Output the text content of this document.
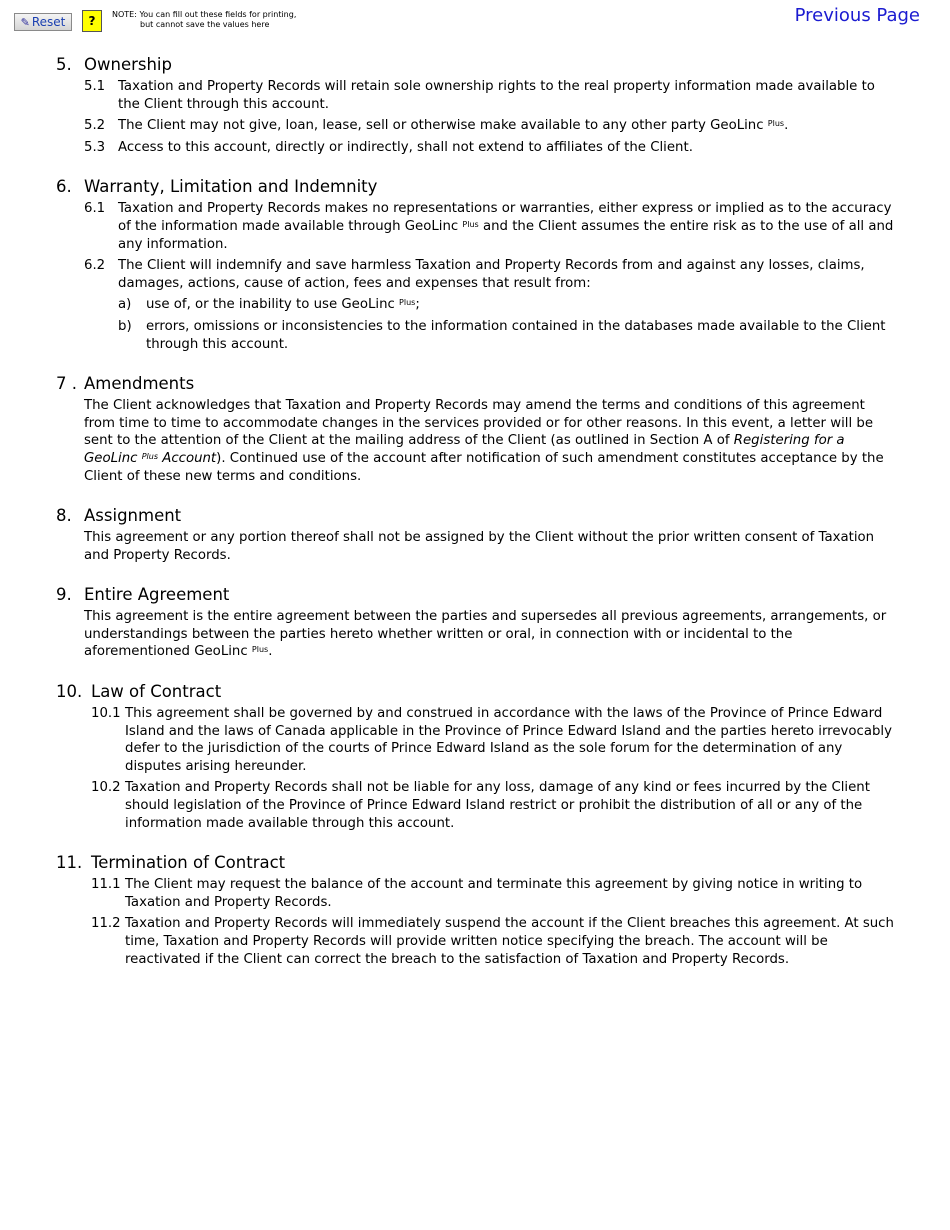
✎ Reset	?	NOTE: You can fill out these fields for printing,
but cannot save the values here	Previous Page
5. Ownership
5.1 Taxation and Property Records will retain sole ownership rights to the real property information made available to the Client through this account.
5.2 The Client may not give, loan, lease, sell or otherwise make available to any other party GeoLinc $^{Plus}$.
5.3 Access to this account, directly or indirectly, shall not extend to affiliates of the Client.
6. Warranty, Limitation and Indemnity
6.1 Taxation and Property Records makes no representations or warranties, either express or implied as to the accuracy of the information made available through GeoLinc $^{Plus}$ and the Client assumes the entire risk as to the use of all and any information.
6.2 The Client will indemnify and save harmless Taxation and Property Records from and against any losses, claims, damages, actions, cause of action, fees and expenses that result from:
a)	use of, or the inability to use GeoLinc $^{Plus}$;
b)	errors, omissions or inconsistencies to the information contained in the databases made available to the Client through this account.
7 . Amendments
The Client acknowledges that Taxation and Property Records may amend the terms and conditions of this agreement from time to time to accommodate changes in the services provided or for other reasons. In this event, a letter will be sent to the attention of the Client at the mailing address of the Client (as outlined in Section A of Registering for a GeoLinc $^{Plus}$ Account). Continued use of the account after notification of such amendment constitutes acceptance by the Client of these new terms and conditions.
8. Assignment
This agreement or any portion thereof shall not be assigned by the Client without the prior written consent of Taxation and Property Records.
9. Entire Agreement
This agreement is the entire agreement between the parties and supersedes all previous agreements, arrangements, or understandings between the parties hereto whether written or oral, in connection with or incidental to the aforementioned GeoLinc $^{Plus}$.
10. Law of Contract
10.1 This agreement shall be governed by and construed in accordance with the laws of the Province of Prince Edward Island and the laws of Canada applicable in the Province of Prince Edward Island and the parties hereto irrevocably defer to the jurisdiction of the courts of Prince Edward Island as the sole forum for the determination of any disputes arising hereunder.
10.2 Taxation and Property Records shall not be liable for any loss, damage of any kind or fees incurred by the Client should legislation of the Province of Prince Edward Island restrict or prohibit the distribution of all or any of the information made available through this account.
11. Termination of Contract
11.1 The Client may request the balance of the account and terminate this agreement by giving notice in writing to Taxation and Property Records.
11.2 Taxation and Property Records will immediately suspend the account if the Client breaches this agreement. At such time, Taxation and Property Records will provide written notice specifying the breach. The account will be reactivated if the Client can correct the breach to the satisfaction of Taxation and Property Records.
